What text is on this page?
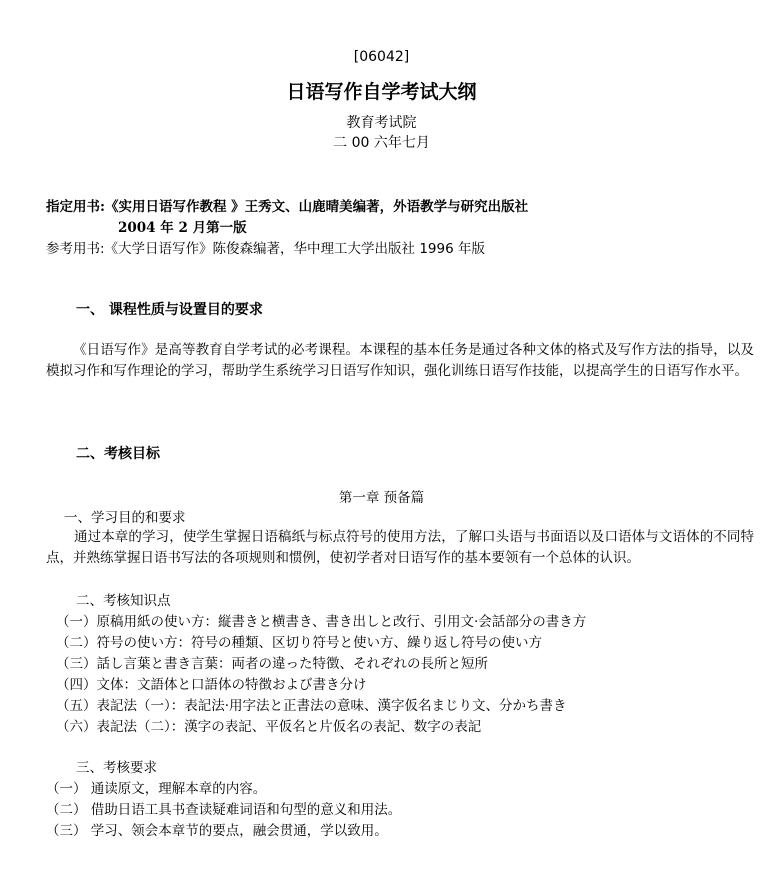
[06042]
日语写作自学考试大纲
教育考试院
二 00 六年七月
指定用书:《实用日语写作教程 》王秀文、山鹿晴美编著，外语教学与研究出版社
2004 年 2 月第一版
参考用书:《大学日语写作》陈俊森编著，华中理工大学出版社 1996 年版
一、 课程性质与设置目的要求
《日语写作》是高等教育自学考试的必考课程。本课程的基本任务是通过各种文体的格式及写作方法的指导，以及模拟习作和写作理论的学习，帮助学生系统学习日语写作知识，强化训练日语写作技能，以提高学生的日语写作水平。
二、考核目标
第一章 预备篇
一、学习目的和要求
通过本章的学习，使学生掌握日语稿纸与标点符号的使用方法，了解口头语与书面语以及口语体与文语体的不同特点，并熟练掌握日语书写法的各项规则和惯例，使初学者对日语写作的基本要领有一个总体的认识。
二、考核知识点
（一）原稿用紙の使い方：縦書きと横書き、書き出しと改行、引用文·会話部分の書き方
（二）符号の使い方：符号の種類、区切り符号と使い方、繰り返し符号の使い方
（三）話し言葉と書き言葉：両者の違った特徴、それぞれの長所と短所
（四）文体：文語体と口語体の特徴および書き分け
（五）表記法（一）：表記法·用字法と正書法の意味、漢字仮名まじり文、分かち書き
（六）表記法（二）：漢字の表記、平仮名と片仮名の表記、数字の表記
三、考核要求
（一） 通读原文，理解本章的内容。
（二） 借助日语工具书查读疑难词语和句型的意义和用法。
（三） 学习、领会本章节的要点，融会贯通，学以致用。
